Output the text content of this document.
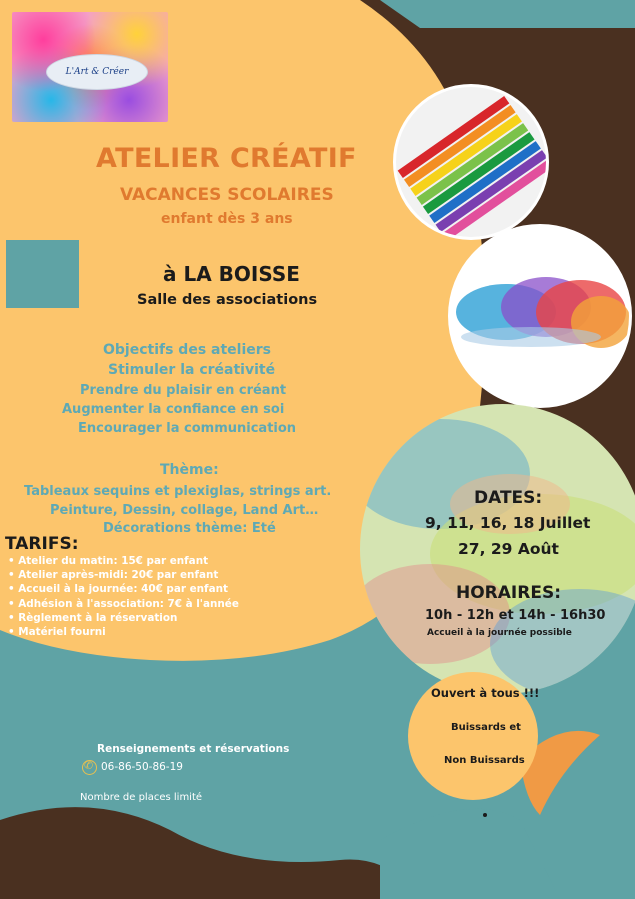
L'Art & Créer
ATELIER CRÉATIF
VACANCES SCOLAIRES
enfant dès 3 ans
à LA BOISSE
Salle des associations
Objectifs des ateliers
Stimuler la créativité
Prendre du plaisir en créant
Augmenter la confiance en soi
Encourager la communication
Thème:
Tableaux sequins et plexiglas, strings art.
Peinture, Dessin, collage, Land Art…
Décorations thème: Eté
TARIFS:
• Atelier du matin: 15€ par enfant
• Atelier après-midi: 20€ par enfant
• Accueil à la journée: 40€ par enfant
• Adhésion à l'association: 7€ à l'année
• Règlement à la réservation
• Matériel fourni
DATES:
9, 11, 16, 18 Juillet
27, 29 Août
HORAIRES:
10h - 12h et 14h - 16h30
Accueil à la journée possible
Ouvert à tous !!!
Buissards et
Non Buissards
Renseignements et réservations
✆
06-86-50-86-19
Nombre de places limité
